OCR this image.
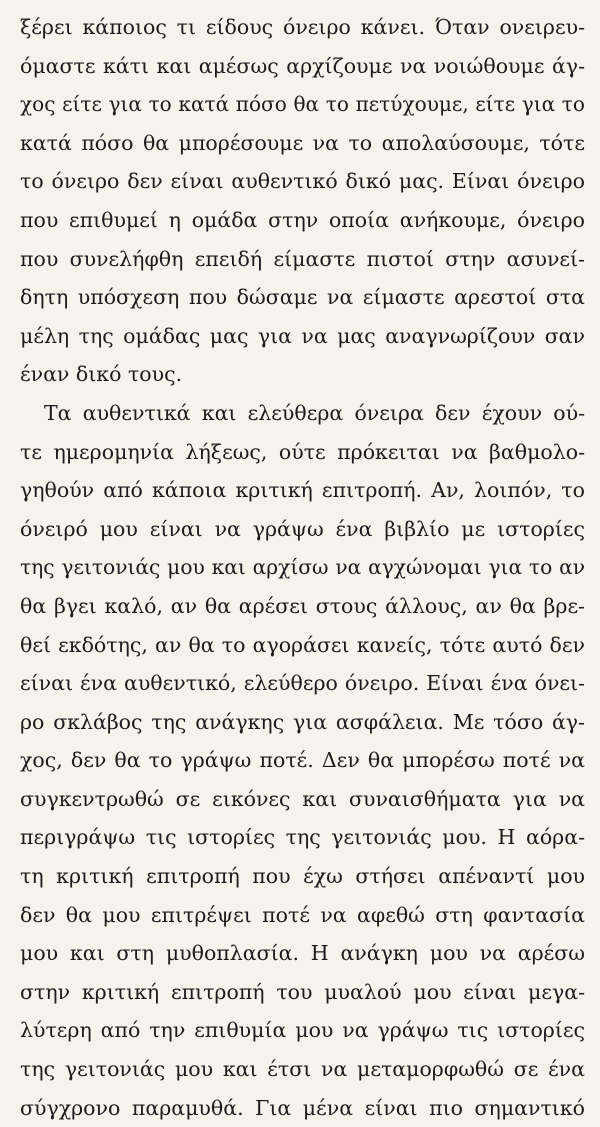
ξέρει κάποιος τι είδους όνειρο κάνει. Όταν ονειρευ-
όμαστε κάτι και αμέσως αρχίζουμε να νοιώθουμε άγ-
χος είτε για το κατά πόσο θα το πετύχουμε, είτε για το
κατά πόσο θα μπορέσουμε να το απολαύσουμε, τότε
το όνειρο δεν είναι αυθεντικό δικό μας. Είναι όνειρο
που επιθυμεί η ομάδα στην οποία ανήκουμε, όνειρο
που συνελήφθη επειδή είμαστε πιστοί στην ασυνεί-
δητη υπόσχεση που δώσαμε να είμαστε αρεστοί στα
μέλη της ομάδας μας για να μας αναγνωρίζουν σαν
έναν δικό τους.
Τα αυθεντικά και ελεύθερα όνειρα δεν έχουν ού-
τε ημερομηνία λήξεως, ούτε πρόκειται να βαθμολο-
γηθούν από κάποια κριτική επιτροπή. Αν, λοιπόν, το
όνειρό μου είναι να γράψω ένα βιβλίο με ιστορίες
της γειτονιάς μου και αρχίσω να αγχώνομαι για το αν
θα βγει καλό, αν θα αρέσει στους άλλους, αν θα βρε-
θεί εκδότης, αν θα το αγοράσει κανείς, τότε αυτό δεν
είναι ένα αυθεντικό, ελεύθερο όνειρο. Είναι ένα όνει-
ρο σκλάβος της ανάγκης για ασφάλεια. Με τόσο άγ-
χος, δεν θα το γράψω ποτέ. Δεν θα μπορέσω ποτέ να
συγκεντρωθώ σε εικόνες και συναισθήματα για να
περιγράψω τις ιστορίες της γειτονιάς μου. Η αόρα-
τη κριτική επιτροπή που έχω στήσει απέναντί μου
δεν θα μου επιτρέψει ποτέ να αφεθώ στη φαντασία
μου και στη μυθοπλασία. Η ανάγκη μου να αρέσω
στην κριτική επιτροπή του μυαλού μου είναι μεγα-
λύτερη από την επιθυμία μου να γράψω τις ιστορίες
της γειτονιάς μου και έτσι να μεταμορφωθώ σε ένα
σύγχρονο παραμυθά. Για μένα είναι πιο σημαντικό
